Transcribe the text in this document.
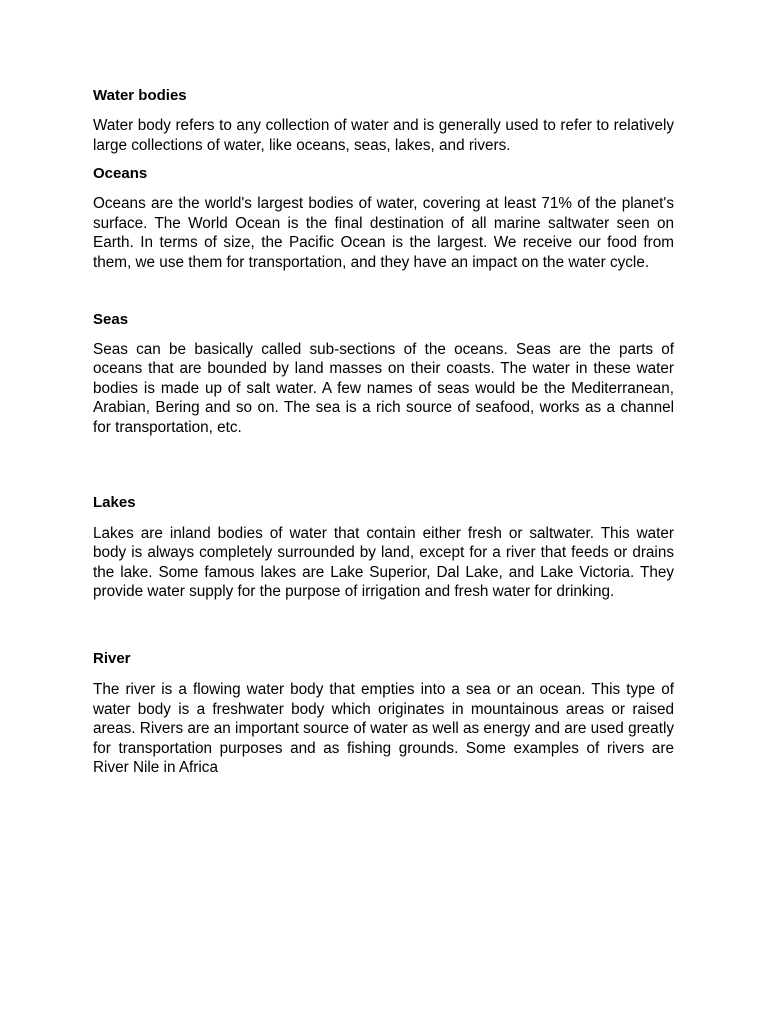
Water bodies

Water body refers to any collection of water and is generally used to refer to relatively large collections of water, like oceans, seas, lakes, and rivers.

Oceans

Oceans are the world's largest bodies of water, covering at least 71% of the planet's surface. The World Ocean is the final destination of all marine saltwater seen on Earth. In terms of size, the Pacific Ocean is the largest. We receive our food from them, we use them for transportation, and they have an impact on the water cycle.

Seas

Seas can be basically called sub-sections of the oceans. Seas are the parts of oceans that are bounded by land masses on their coasts. The water in these water bodies is made up of salt water. A few names of seas would be the Mediterranean, Arabian, Bering and so on. The sea is a rich source of seafood, works as a channel for transportation, etc.

Lakes

Lakes are inland bodies of water that contain either fresh or saltwater. This water body is always completely surrounded by land, except for a river that feeds or drains the lake. Some famous lakes are Lake Superior, Dal Lake, and Lake Victoria. They provide water supply for the purpose of irrigation and fresh water for drinking.

River

The river is a flowing water body that empties into a sea or an ocean. This type of water body is a freshwater body which originates in mountainous areas or raised areas. Rivers are an important source of water as well as energy and are used greatly for transportation purposes and as fishing grounds. Some examples of rivers are River Nile in Africa
